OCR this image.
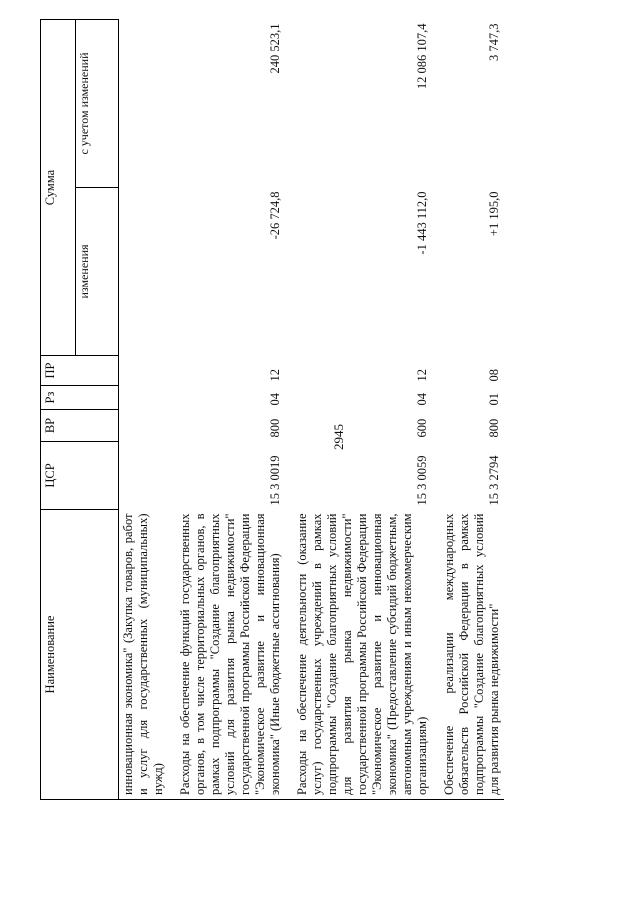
2945
Наименование	ЦСР	ВР	Рз	ПР	Сумма	
					изменения	с учетом изменений
инновационная экономика" (Закупка товаров, работ и услуг для государственных (муниципальных) нужд)						

Расходы на обеспечение функций государственных органов, в том числе территориальных органов, в рамках подпрограммы "Создание благоприятных условий для развития рынка недвижимости" государственной программы Российской Федерации "Экономическое развитие и инновационная экономика" (Иные бюджетные ассигнования)	15 3 0019	800	04	12	-26 724,8	240 523,1

Расходы на обеспечение деятельности (оказание услуг) государственных учреждений в рамках подпрограммы "Создание благоприятных условий для развития рынка недвижимости" государственной программы Российской Федерации "Экономическое развитие и инновационная экономика" (Предоставление субсидий бюджетным, автономным учреждениям и иным некоммерческим организациям)	15 3 0059	600	04	12	-1 443 112,0	12 086 107,4

Обеспечение реализации международных обязательств Российской Федерации в рамках подпрограммы "Создание благоприятных условий для развития рынка недвижимости"	15 3 2794	800	01	08	+1 195,0	3 747,3
